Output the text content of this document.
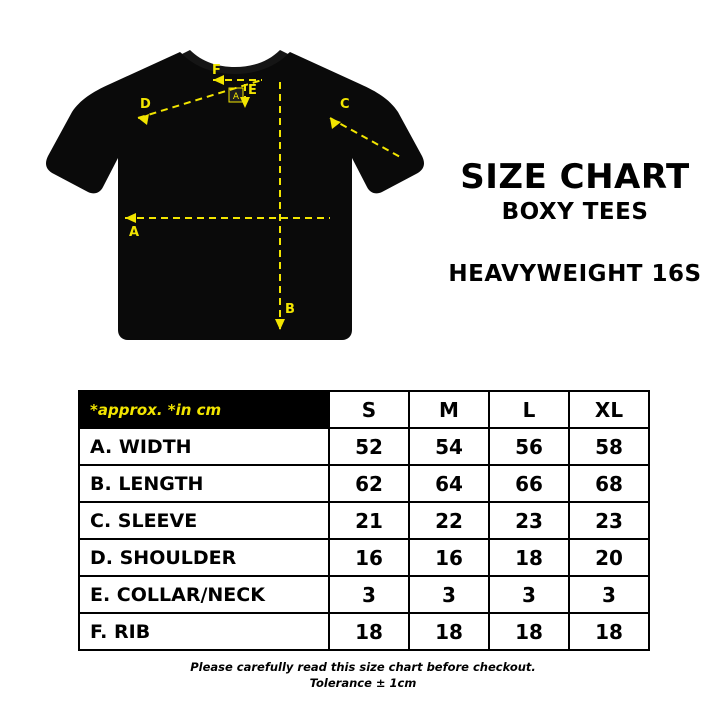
A
A
B
C
D
E
F
SIZE CHART
BOXY TEES
HEAVYWEIGHT 16S
*approx. *in cm	S	M	L	XL
A. WIDTH	52	54	56	58
B. LENGTH	62	64	66	68
C. SLEEVE	21	22	23	23
D. SHOULDER	16	16	18	20
E. COLLAR/NECK	3	3	3	3
F. RIB	18	18	18	18
Please carefully read this size chart before checkout.
Tolerance ± 1cm
